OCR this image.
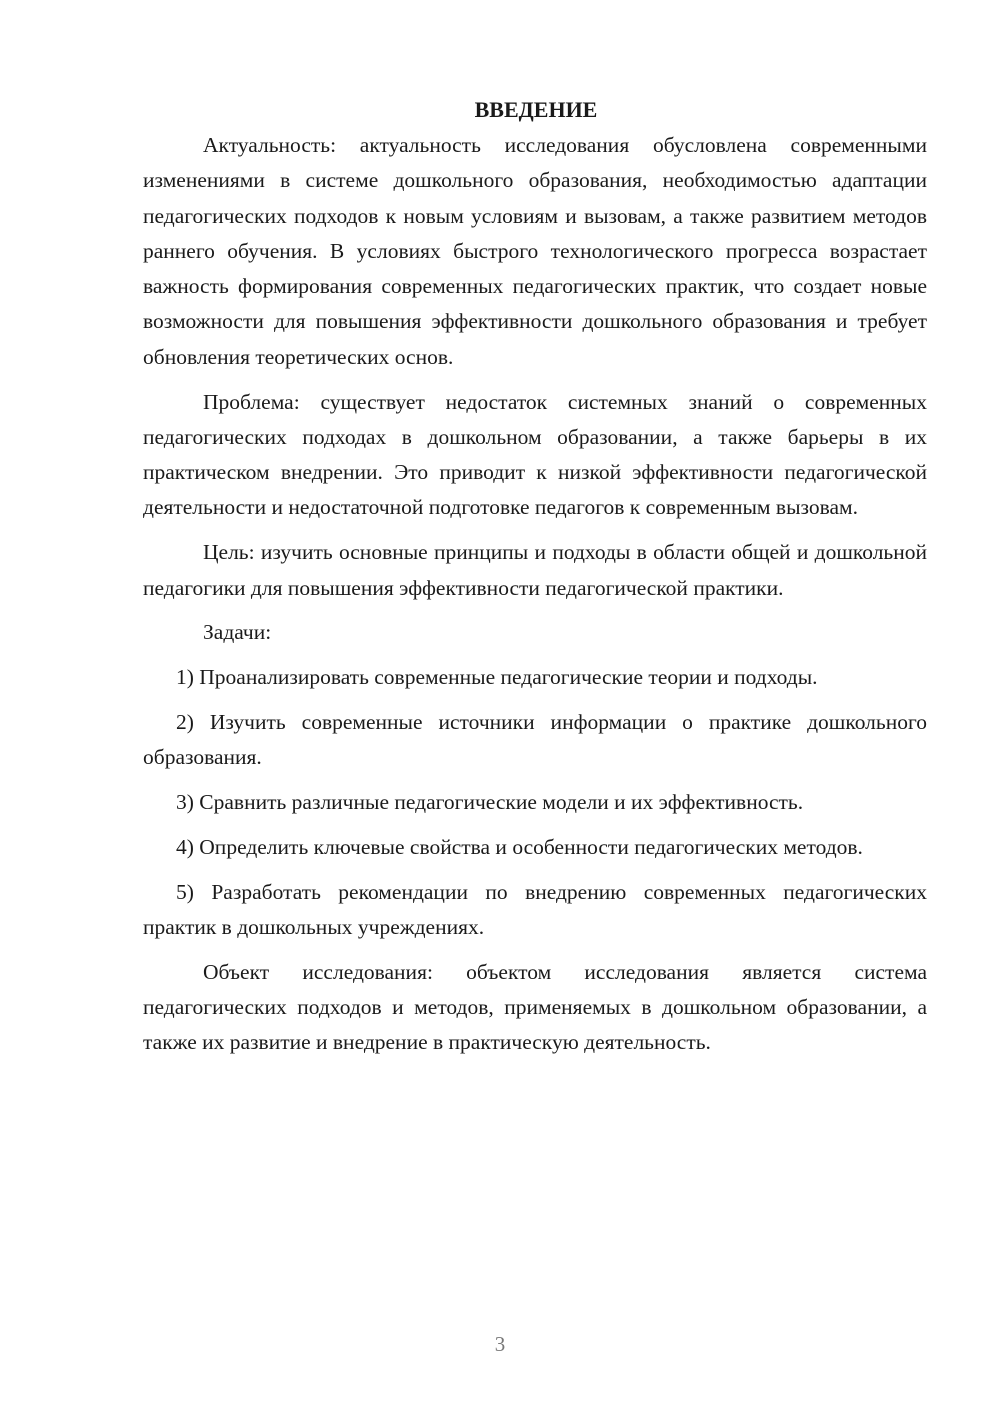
ВВЕДЕНИЕ

Актуальность: актуальность исследования обусловлена современными изменениями в системе дошкольного образования, необходимостью адаптации педагогических подходов к новым условиям и вызовам, а также развитием методов раннего обучения. В условиях быстрого технологического прогресса возрастает важность формирования современных педагогических практик, что создает новые возможности для повышения эффективности дошкольного образования и требует обновления теоретических основ.

Проблема: существует недостаток системных знаний о современных педагогических подходах в дошкольном образовании, а также барьеры в их практическом внедрении. Это приводит к низкой эффективности педагогической деятельности и недостаточной подготовке педагогов к современным вызовам.

Цель: изучить основные принципы и подходы в области общей и дошкольной педагогики для повышения эффективности педагогической практики.

Задачи:

1) Проанализировать современные педагогические теории и подходы.

2) Изучить современные источники информации о практике дошкольного образования.

3) Сравнить различные педагогические модели и их эффективность.

4) Определить ключевые свойства и особенности педагогических методов.

5) Разработать рекомендации по внедрению современных педагогических практик в дошкольных учреждениях.

Объект исследования: объектом исследования является система педагогических подходов и методов, применяемых в дошкольном образовании, а также их развитие и внедрение в практическую деятельность.

3
